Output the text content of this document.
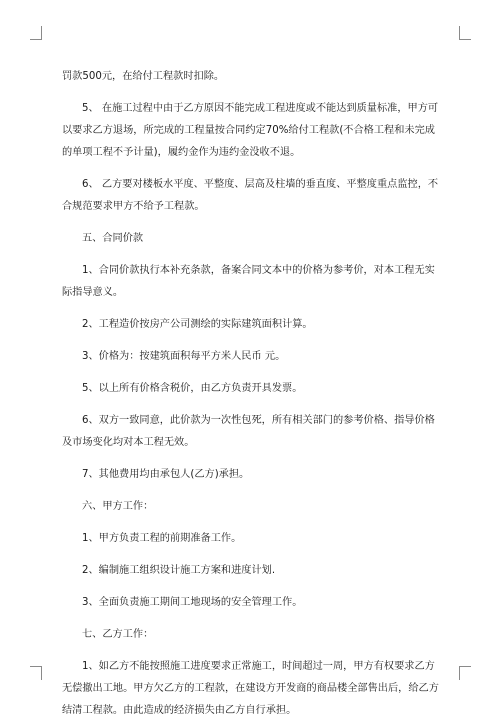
罚款500元，在给付工程款时扣除。

5、 在施工过程中由于乙方原因不能完成工程进度或不能达到质量标准，甲方可

以要求乙方退场，所完成的工程量按合同约定70%给付工程款(不合格工程和未完成

的单项工程不予计量)，履约金作为违约金没收不退。

6、 乙方要对楼板水平度、平整度、层高及柱墙的垂直度、平整度重点监控，不

合规范要求甲方不给予工程款。

五、合同价款

1、合同价款执行本补充条款，备案合同文本中的价格为参考价，对本工程无实

际指导意义。

2、工程造价按房产公司测绘的实际建筑面积计算。

3、价格为：按建筑面积每平方米人民币 元。

5、以上所有价格含税价，由乙方负责开具发票。

6、双方一致同意，此价款为一次性包死，所有相关部门的参考价格、指导价格

及市场变化均对本工程无效。

7、其他费用均由承包人(乙方)承担。

六、甲方工作：

1、甲方负责工程的前期准备工作。

2、编制施工组织设计施工方案和进度计划.

3、全面负责施工期间工地现场的安全管理工作。

七、乙方工作：

1、如乙方不能按照施工进度要求正常施工，时间超过一周，甲方有权要求乙方

无偿撤出工地。甲方欠乙方的工程款，在建设方开发商的商品楼全部售出后，给乙方

结清工程款。由此造成的经济损失由乙方自行承担。
